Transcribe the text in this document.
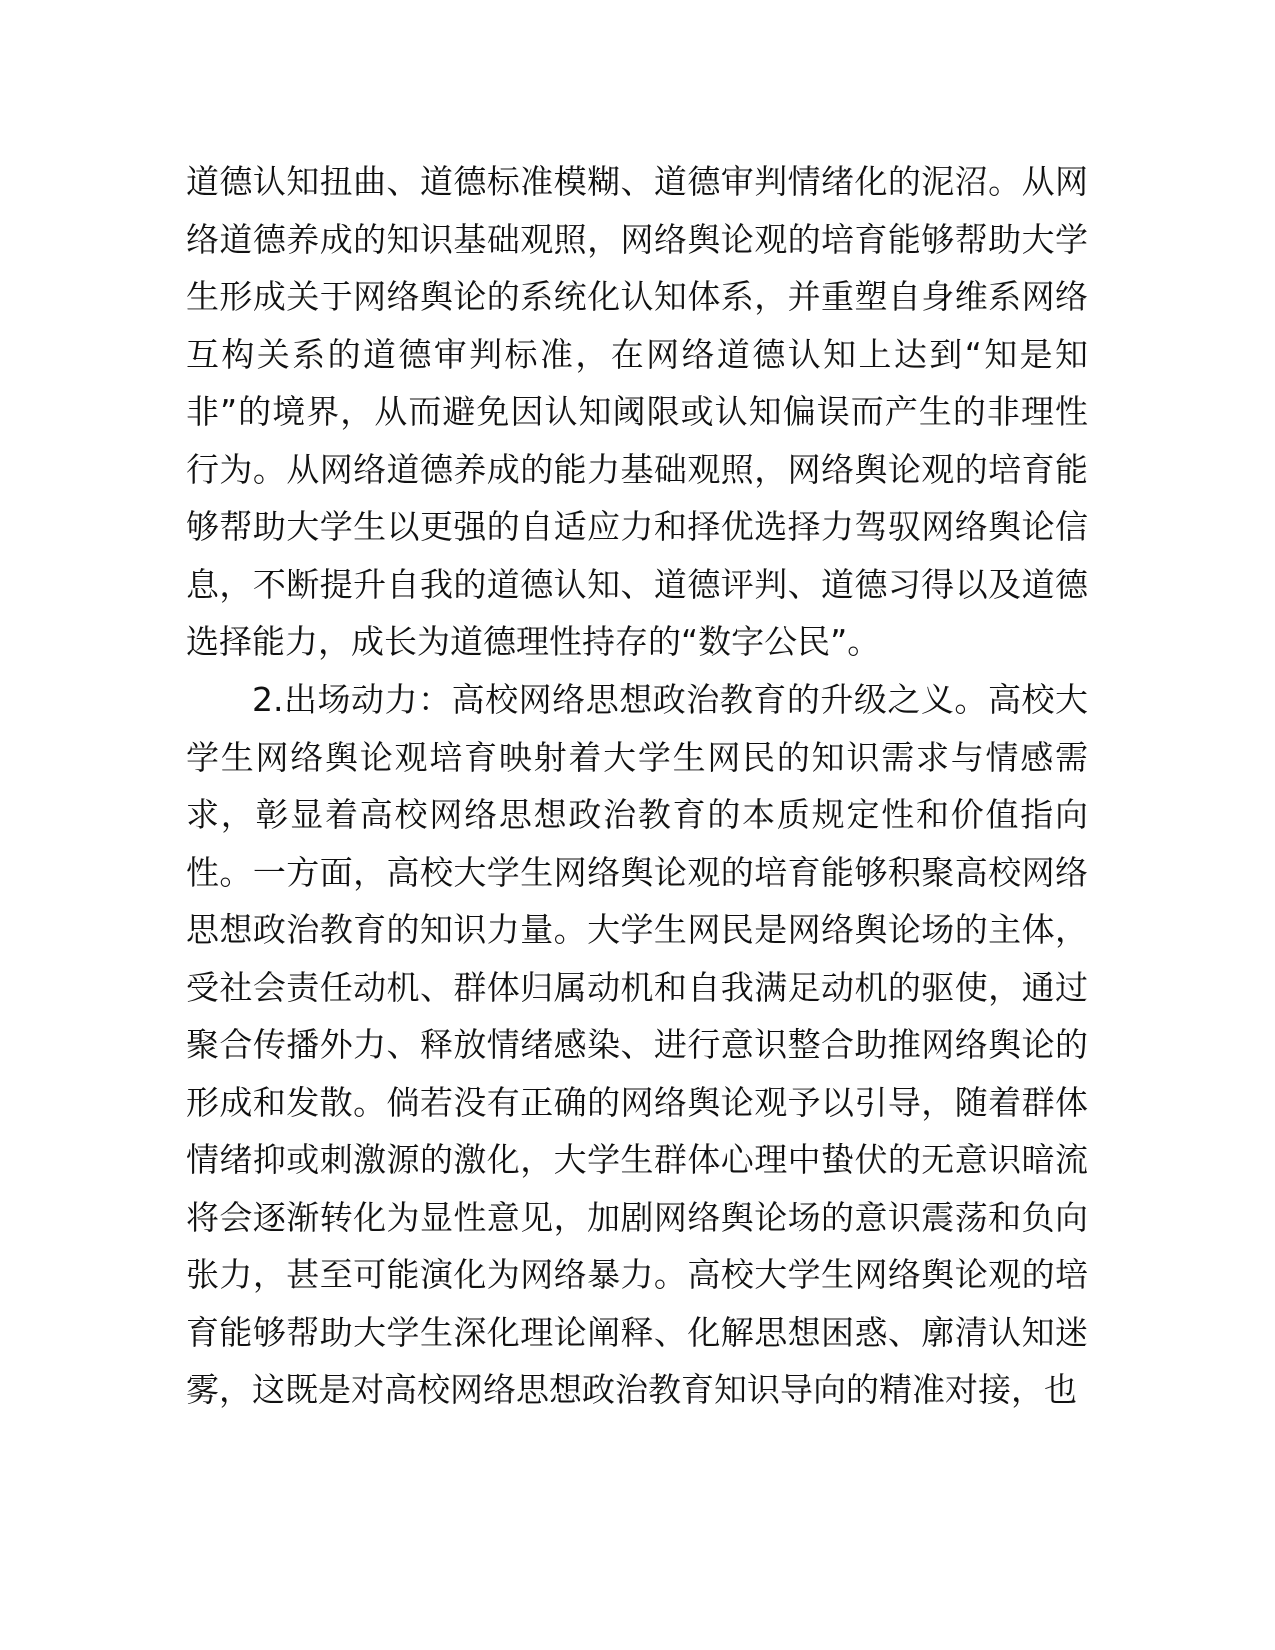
道德认知扭曲、道德标准模糊、道德审判情绪化的泥沼。从网络道德养成的知识基础观照，网络舆论观的培育能够帮助大学生形成关于网络舆论的系统化认知体系，并重塑自身维系网络互构关系的道德审判标准，在网络道德认知上达到“知是知非”的境界，从而避免因认知阈限或认知偏误而产生的非理性行为。从网络道德养成的能力基础观照，网络舆论观的培育能够帮助大学生以更强的自适应力和择优选择力驾驭网络舆论信息，不断提升自我的道德认知、道德评判、道德习得以及道德选择能力，成长为道德理性持存的“数字公民”。

2.出场动力：高校网络思想政治教育的升级之义。高校大学生网络舆论观培育映射着大学生网民的知识需求与情感需求，彰显着高校网络思想政治教育的本质规定性和价值指向性。一方面，高校大学生网络舆论观的培育能够积聚高校网络思想政治教育的知识力量。大学生网民是网络舆论场的主体，受社会责任动机、群体归属动机和自我满足动机的驱使，通过聚合传播外力、释放情绪感染、进行意识整合助推网络舆论的形成和发散。倘若没有正确的网络舆论观予以引导，随着群体情绪抑或刺激源的激化，大学生群体心理中蛰伏的无意识暗流将会逐渐转化为显性意见，加剧网络舆论场的意识震荡和负向张力，甚至可能演化为网络暴力。高校大学生网络舆论观的培育能够帮助大学生深化理论阐释、化解思想困惑、廓清认知迷雾，这既是对高校网络思想政治教育知识导向的精准对接，也
